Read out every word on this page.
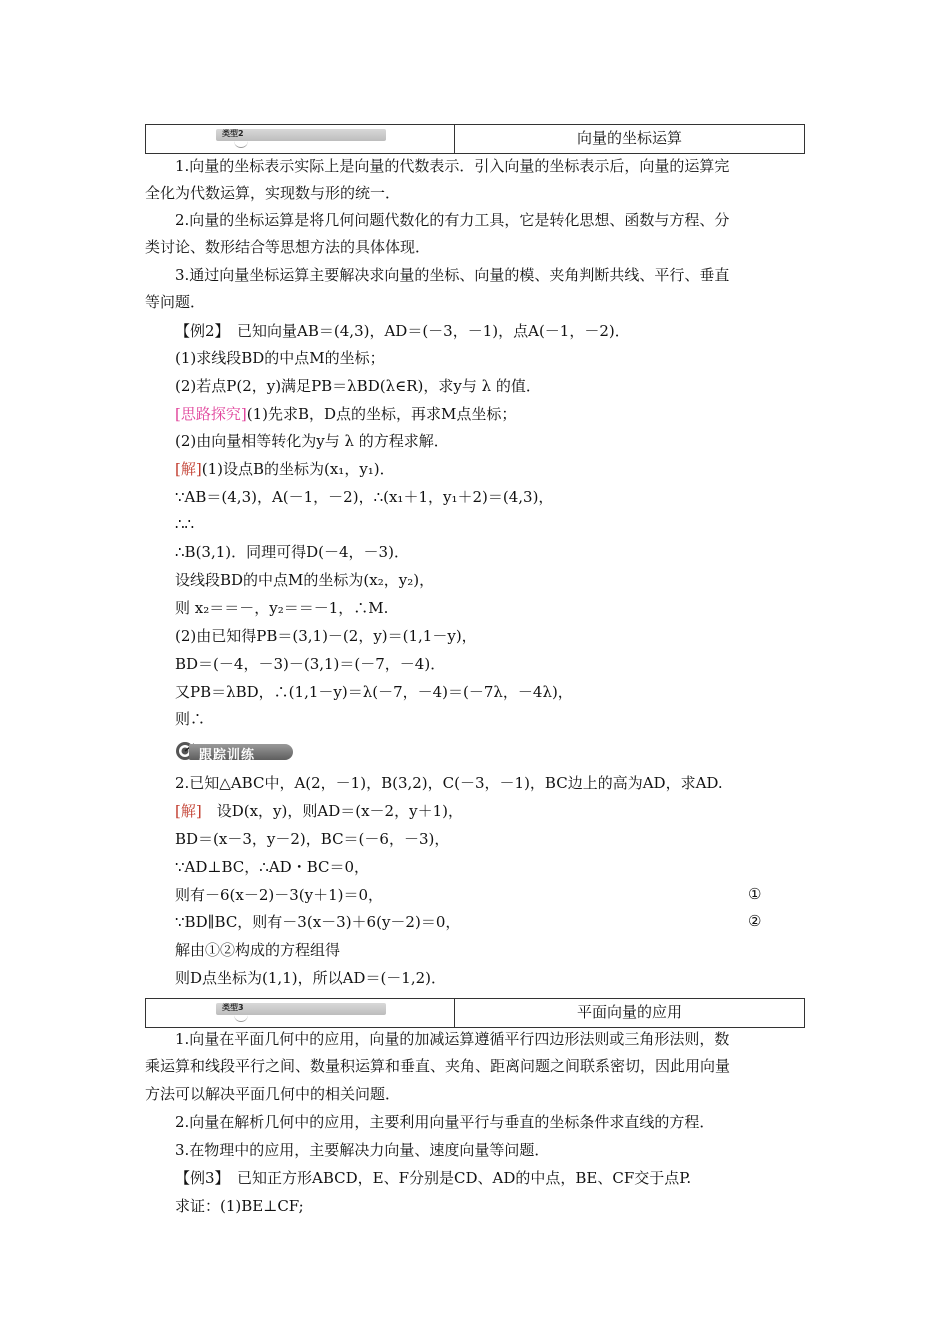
类型2	向量的坐标运算
1.向量的坐标表示实际上是向量的代数表示．引入向量的坐标表示后，向量的运算完
全化为代数运算，实现数与形的统一．
2.向量的坐标运算是将几何问题代数化的有力工具，它是转化思想、函数与方程、分
类讨论、数形结合等思想方法的具体体现．
3.通过向量坐标运算主要解决求向量的坐标、向量的模、夹角判断共线、平行、垂直
等问题．
【例2】　已知向量AB＝(4,3)，AD＝(－3，－1)，点A(－1，－2)．
(1)求线段BD的中点M的坐标；
(2)若点P(2，y)满足PB＝λBD(λ∈R)，求y与 λ 的值．
[思路探究](1)先求B，D点的坐标，再求M点坐标；
(2)由向量相等转化为y与 λ 的方程求解．
[解](1)设点B的坐标为(x₁，y₁)．
∵AB＝(4,3)，A(－1，－2)，∴(x₁＋1，y₁＋2)＝(4,3)，
∴∴
∴B(3,1)．同理可得D(－4，－3)．
设线段BD的中点M的坐标为(x₂，y₂)，
则 x₂＝＝－，y₂＝＝－1，∴M.
(2)由已知得PB＝(3,1)－(2，y)＝(1,1－y)，
BD＝(－4，－3)－(3,1)＝(－7，－4)．
又PB＝λBD，∴(1,1－y)＝λ(－7，－4)＝(－7λ，－4λ)，
则∴
跟踪训练
2.已知△ABC中，A(2，－1)，B(3,2)，C(－3，－1)，BC边上的高为AD，求AD.
[解]　设D(x，y)，则AD＝(x－2，y＋1)，
BD＝(x－3，y－2)，BC＝(－6，－3)，
∵AD⊥BC，∴AD・BC＝0，
则有－6(x－2)－3(y＋1)＝0，	①
∵BD∥BC，则有－3(x－3)＋6(y－2)＝0，	②
解由①②构成的方程组得
则D点坐标为(1,1)，所以AD＝(－1,2)．
类型3	平面向量的应用
1.向量在平面几何中的应用，向量的加减运算遵循平行四边形法则或三角形法则，数
乘运算和线段平行之间、数量积运算和垂直、夹角、距离问题之间联系密切，因此用向量
方法可以解决平面几何中的相关问题．
2.向量在解析几何中的应用，主要利用向量平行与垂直的坐标条件求直线的方程．
3.在物理中的应用，主要解决力向量、速度向量等问题．
【例3】　已知正方形ABCD，E、F分别是CD、AD的中点，BE、CF交于点P.
求证：(1)BE⊥CF;
